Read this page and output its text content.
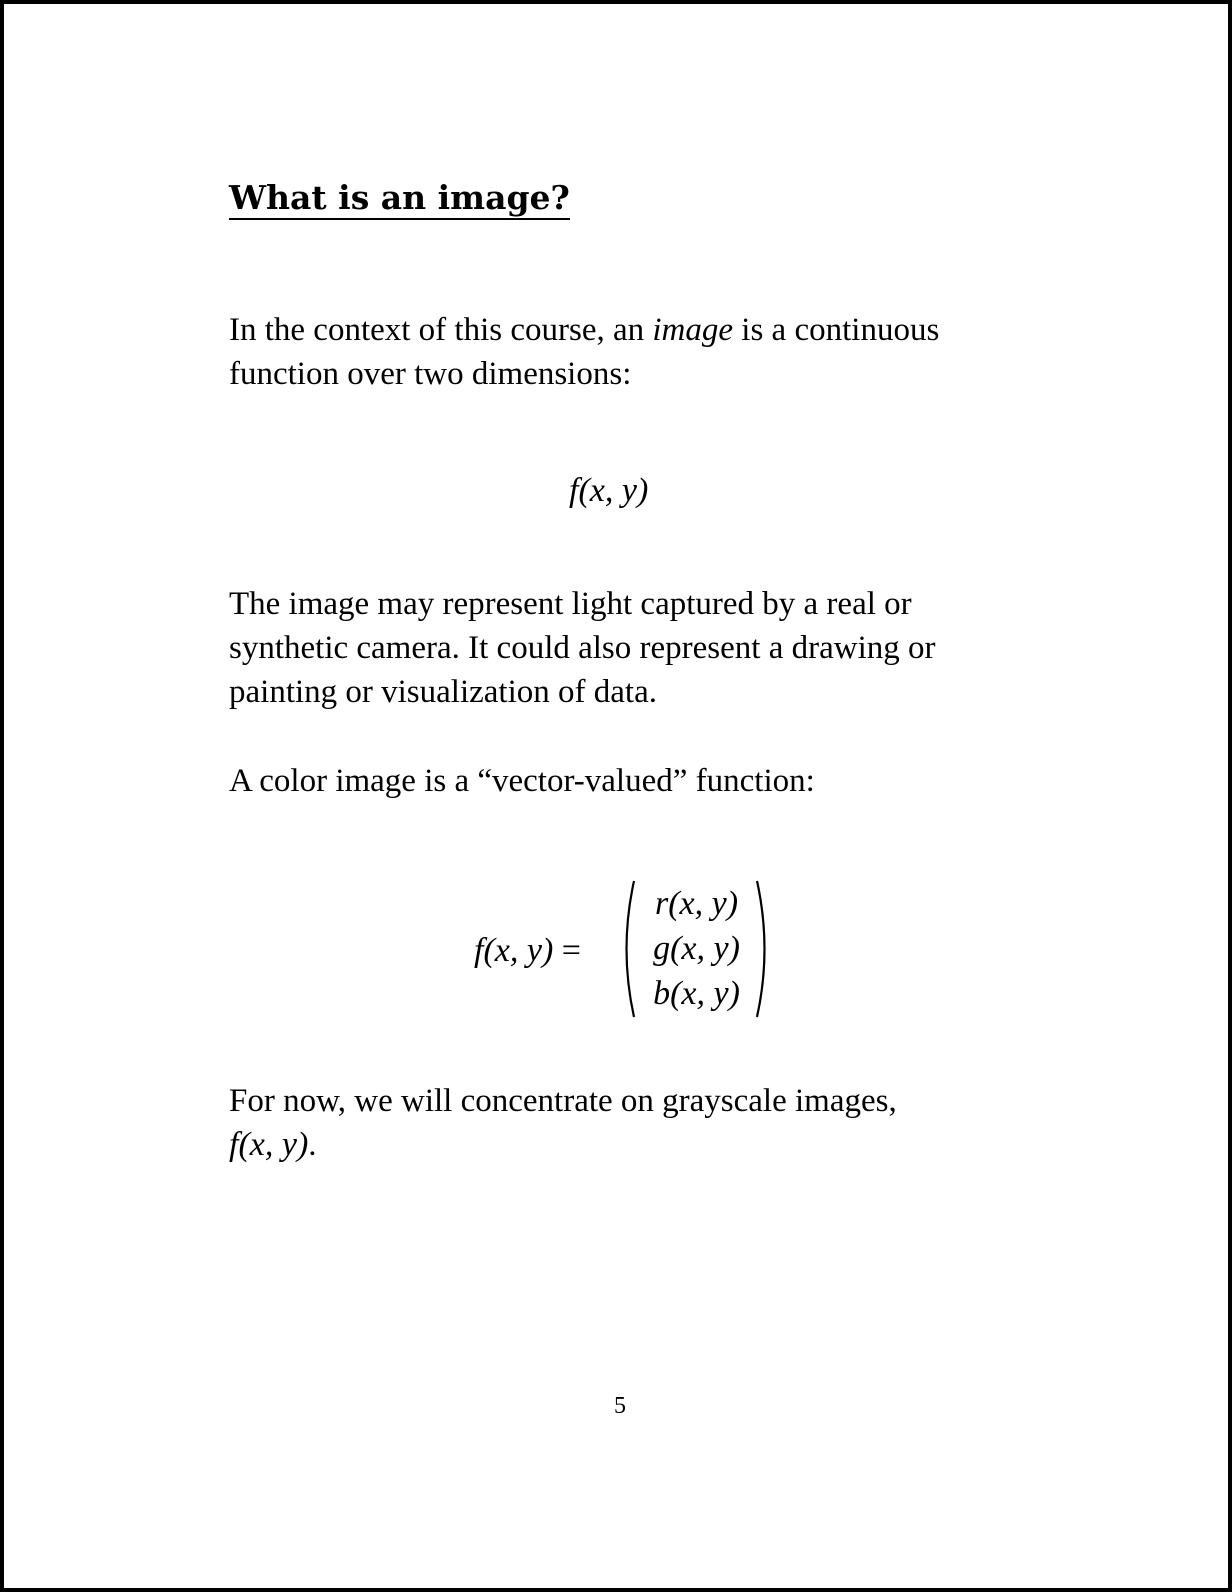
What is an image?
In the context of this course, an image is a continuous function over two dimensions:
f(x, y)
The image may represent light captured by a real or synthetic camera. It could also represent a drawing or painting or visualization of data.
A color image is a “vector-valued” function:
f(x, y) =
r(x, y)
g(x, y)
b(x, y)
For now, we will concentrate on grayscale images,
f(x, y).
5
